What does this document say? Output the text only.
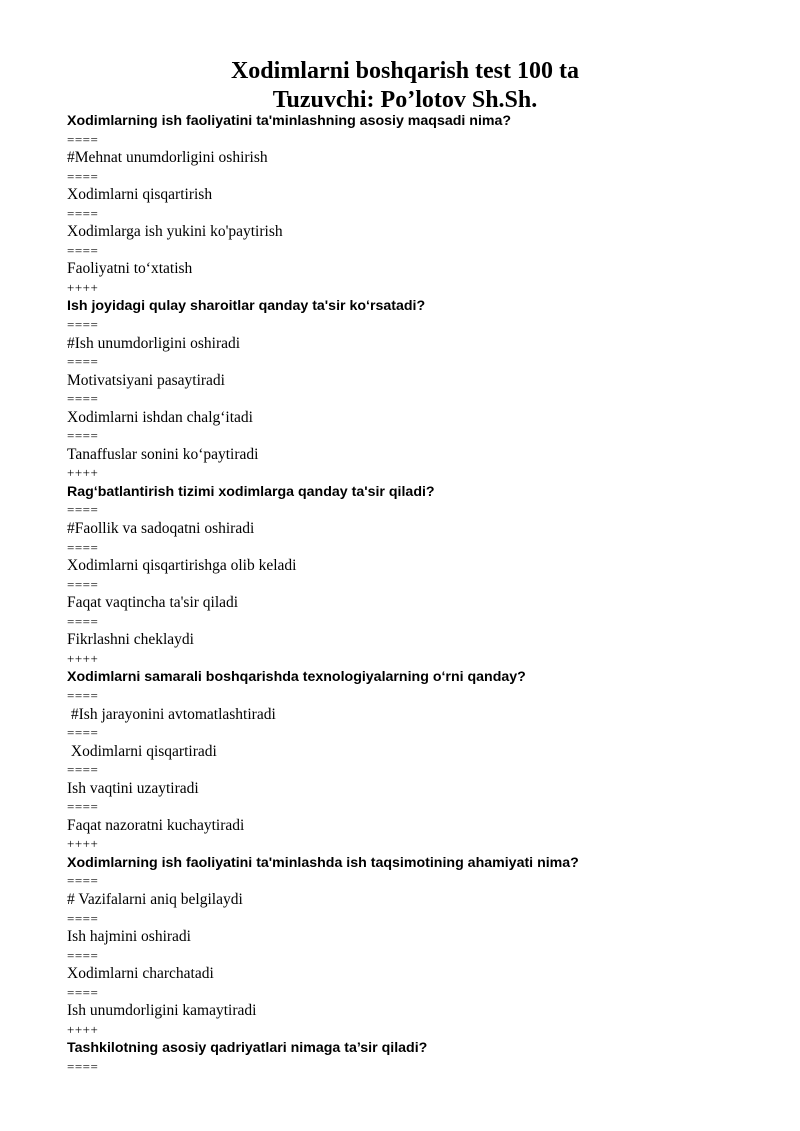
Xodimlarni boshqarish test 100 ta
Tuzuvchi: Po’lotov Sh.Sh.
Xodimlarning ish faoliyatini ta'minlashning asosiy maqsadi nima?
====
#Mehnat unumdorligini oshirish
====
Xodimlarni qisqartirish
====
Xodimlarga ish yukini ko'paytirish
====
Faoliyatni to‘xtatish
++++
Ish joyidagi qulay sharoitlar qanday ta'sir ko‘rsatadi?
====
#Ish unumdorligini oshiradi
====
Motivatsiyani pasaytiradi
====
Xodimlarni ishdan chalg‘itadi
====
Tanaffuslar sonini ko‘paytiradi
++++
Rag‘batlantirish tizimi xodimlarga qanday ta'sir qiladi?
====
#Faollik va sadoqatni oshiradi
====
Xodimlarni qisqartirishga olib keladi
====
Faqat vaqtincha ta'sir qiladi
====
Fikrlashni cheklaydi
++++
Xodimlarni samarali boshqarishda texnologiyalarning o‘rni qanday?
====
#Ish jarayonini avtomatlashtiradi
====
Xodimlarni qisqartiradi
====
Ish vaqtini uzaytiradi
====
Faqat nazoratni kuchaytiradi
++++
Xodimlarning ish faoliyatini ta'minlashda ish taqsimotining ahamiyati nima?
====
# Vazifalarni aniq belgilaydi
====
Ish hajmini oshiradi
====
Xodimlarni charchatadi
====
Ish unumdorligini kamaytiradi
++++
Tashkilotning asosiy qadriyatlari nimaga ta’sir qiladi?
====
